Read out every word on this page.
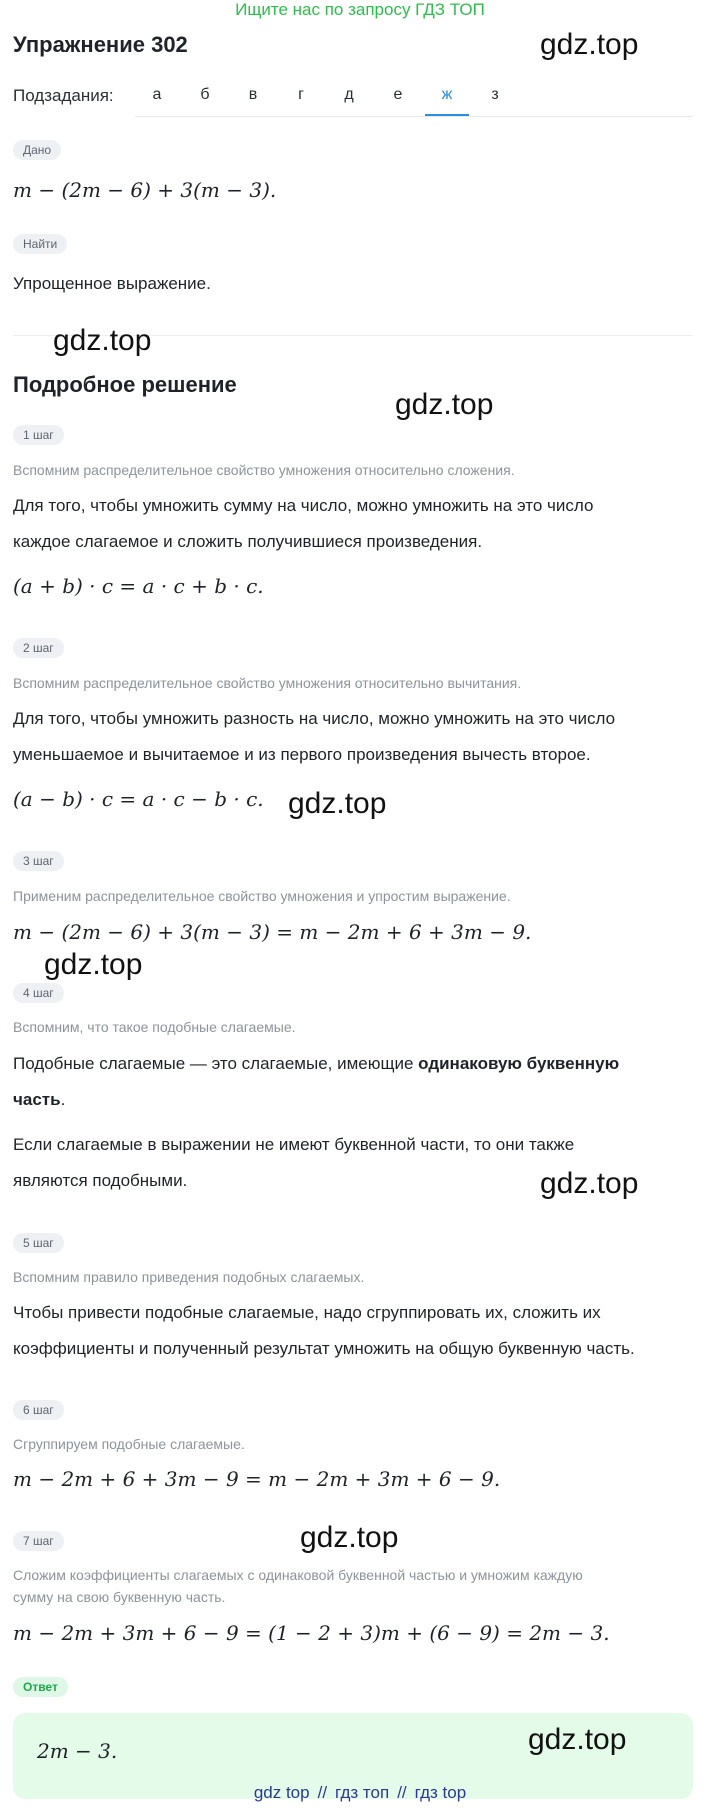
Ищите нас по запросу ГДЗ ТОП
Упражнение 302	gdz.top
Подзадания:	а	б	в	г	д	е	ж	з
Дано
m − (2m − 6) + 3(m − 3).
Найти
Упрощенное выражение.
gdz.top
Подробное решение
gdz.top
1 шаг
Вспомним распределительное свойство умножения относительно сложения.
Для того, чтобы умножить сумму на число, можно умножить на это число
каждое слагаемое и сложить получившиеся произведения.
(a + b) · c = a · c + b · c.
2 шаг
Вспомним распределительное свойство умножения относительно вычитания.
Для того, чтобы умножить разность на число, можно умножить на это число
уменьшаемое и вычитаемое и из первого произведения вычесть второе.
(a − b) · c = a · c − b · c. gdz.top
3 шаг
Применим распределительное свойство умножения и упростим выражение.
m − (2m − 6) + 3(m − 3) = m − 2m + 6 + 3m − 9.
gdz.top
4 шаг
Вспомним, что такое подобные слагаемые.
Подобные слагаемые — это слагаемые, имеющие одинаковую буквенную
часть.
Если слагаемые в выражении не имеют буквенной части, то они также
являются подобными.	gdz.top
5 шаг
Вспомним правило приведения подобных слагаемых.
Чтобы привести подобные слагаемые, надо сгруппировать их, сложить их
коэффициенты и полученный результат умножить на общую буквенную часть.
6 шаг
Сгруппируем подобные слагаемые.
m − 2m + 6 + 3m − 9 = m − 2m + 3m + 6 − 9.
gdz.top
7 шаг
Сложим коэффициенты слагаемых с одинаковой буквенной частью и умножим каждую
сумму на свою буквенную часть.
m − 2m + 3m + 6 − 9 = (1 − 2 + 3)m + (6 − 9) = 2m − 3.
Ответ
2m − 3.	gdz.top
gdz top // гдз топ // гдз top
